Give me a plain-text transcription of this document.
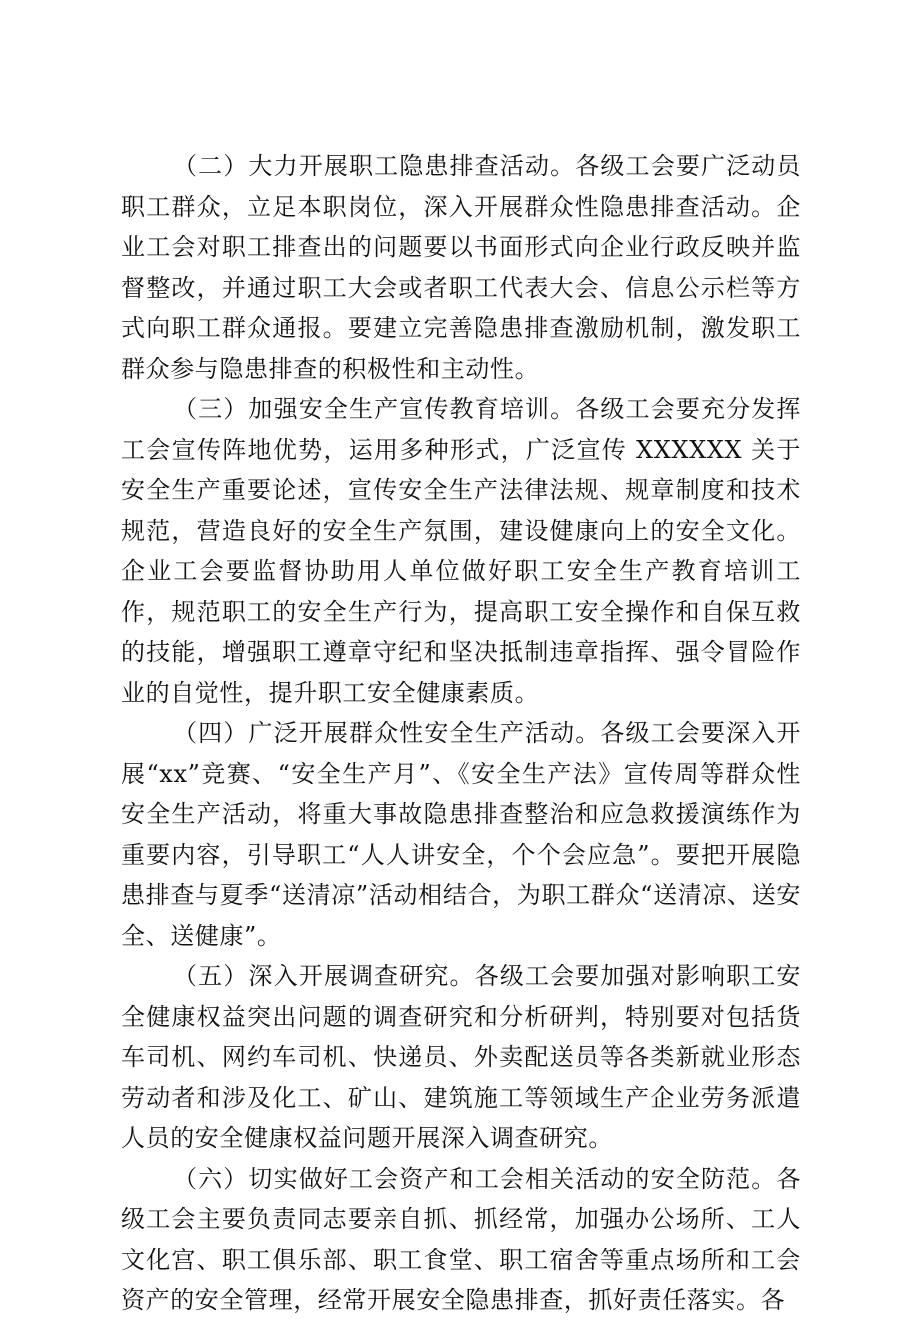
（二）大力开展职工隐患排查活动。各级工会要广泛动员职工群众，立足本职岗位，深入开展群众性隐患排查活动。企业工会对职工排查出的问题要以书面形式向企业行政反映并监督整改，并通过职工大会或者职工代表大会、信息公示栏等方式向职工群众通报。要建立完善隐患排查激励机制，激发职工群众参与隐患排查的积极性和主动性。

（三）加强安全生产宣传教育培训。各级工会要充分发挥工会宣传阵地优势，运用多种形式，广泛宣传 XXXXXX 关于安全生产重要论述，宣传安全生产法律法规、规章制度和技术规范，营造良好的安全生产氛围，建设健康向上的安全文化。企业工会要监督协助用人单位做好职工安全生产教育培训工作，规范职工的安全生产行为，提高职工安全操作和自保互救的技能，增强职工遵章守纪和坚决抵制违章指挥、强令冒险作业的自觉性，提升职工安全健康素质。

（四）广泛开展群众性安全生产活动。各级工会要深入开展“xx”竞赛、“安全生产月”、《安全生产法》宣传周等群众性安全生产活动，将重大事故隐患排查整治和应急救援演练作为重要内容，引导职工“人人讲安全，个个会应急”。要把开展隐患排查与夏季“送清凉”活动相结合，为职工群众“送清凉、送安全、送健康”。

（五）深入开展调查研究。各级工会要加强对影响职工安全健康权益突出问题的调查研究和分析研判，特别要对包括货车司机、网约车司机、快递员、外卖配送员等各类新就业形态劳动者和涉及化工、矿山、建筑施工等领域生产企业劳务派遣人员的安全健康权益问题开展深入调查研究。

（六）切实做好工会资产和工会相关活动的安全防范。各级工会主要负责同志要亲自抓、抓经常，加强办公场所、工人文化宫、职工俱乐部、职工食堂、职工宿舍等重点场所和工会资产的安全管理，经常开展安全隐患排查，抓好责任落实。各
